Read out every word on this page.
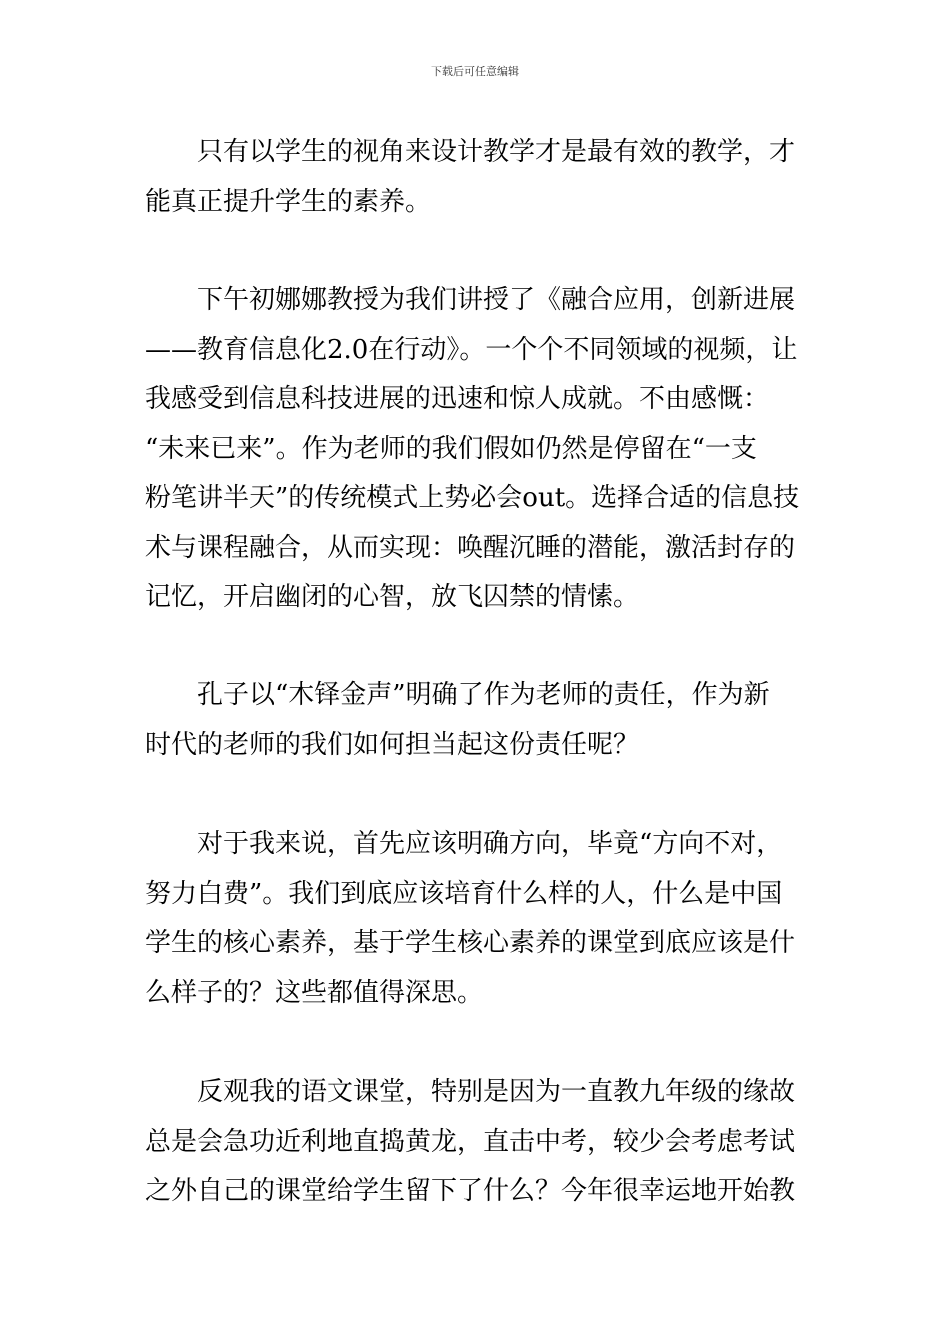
下载后可任意编辑

只有以学生的视角来设计教学才是最有效的教学，才
能真正提升学生的素养。

下午初娜娜教授为我们讲授了《融合应用，创新进展
——教育信息化2.0在行动》。一个个不同领域的视频，让
我感受到信息科技进展的迅速和惊人成就。不由感慨：
“未来已来”。作为老师的我们假如仍然是停留在“一支
粉笔讲半天”的传统模式上势必会out。选择合适的信息技
术与课程融合，从而实现：唤醒沉睡的潜能，激活封存的
记忆，开启幽闭的心智，放飞囚禁的情愫。

孔子以“木铎金声”明确了作为老师的责任，作为新
时代的老师的我们如何担当起这份责任呢？

对于我来说，首先应该明确方向，毕竟“方向不对，
努力白费”。我们到底应该培育什么样的人，什么是中国
学生的核心素养，基于学生核心素养的课堂到底应该是什
么样子的？这些都值得深思。

反观我的语文课堂，特别是因为一直教九年级的缘故
总是会急功近利地直捣黄龙，直击中考，较少会考虑考试
之外自己的课堂给学生留下了什么？今年很幸运地开始教
